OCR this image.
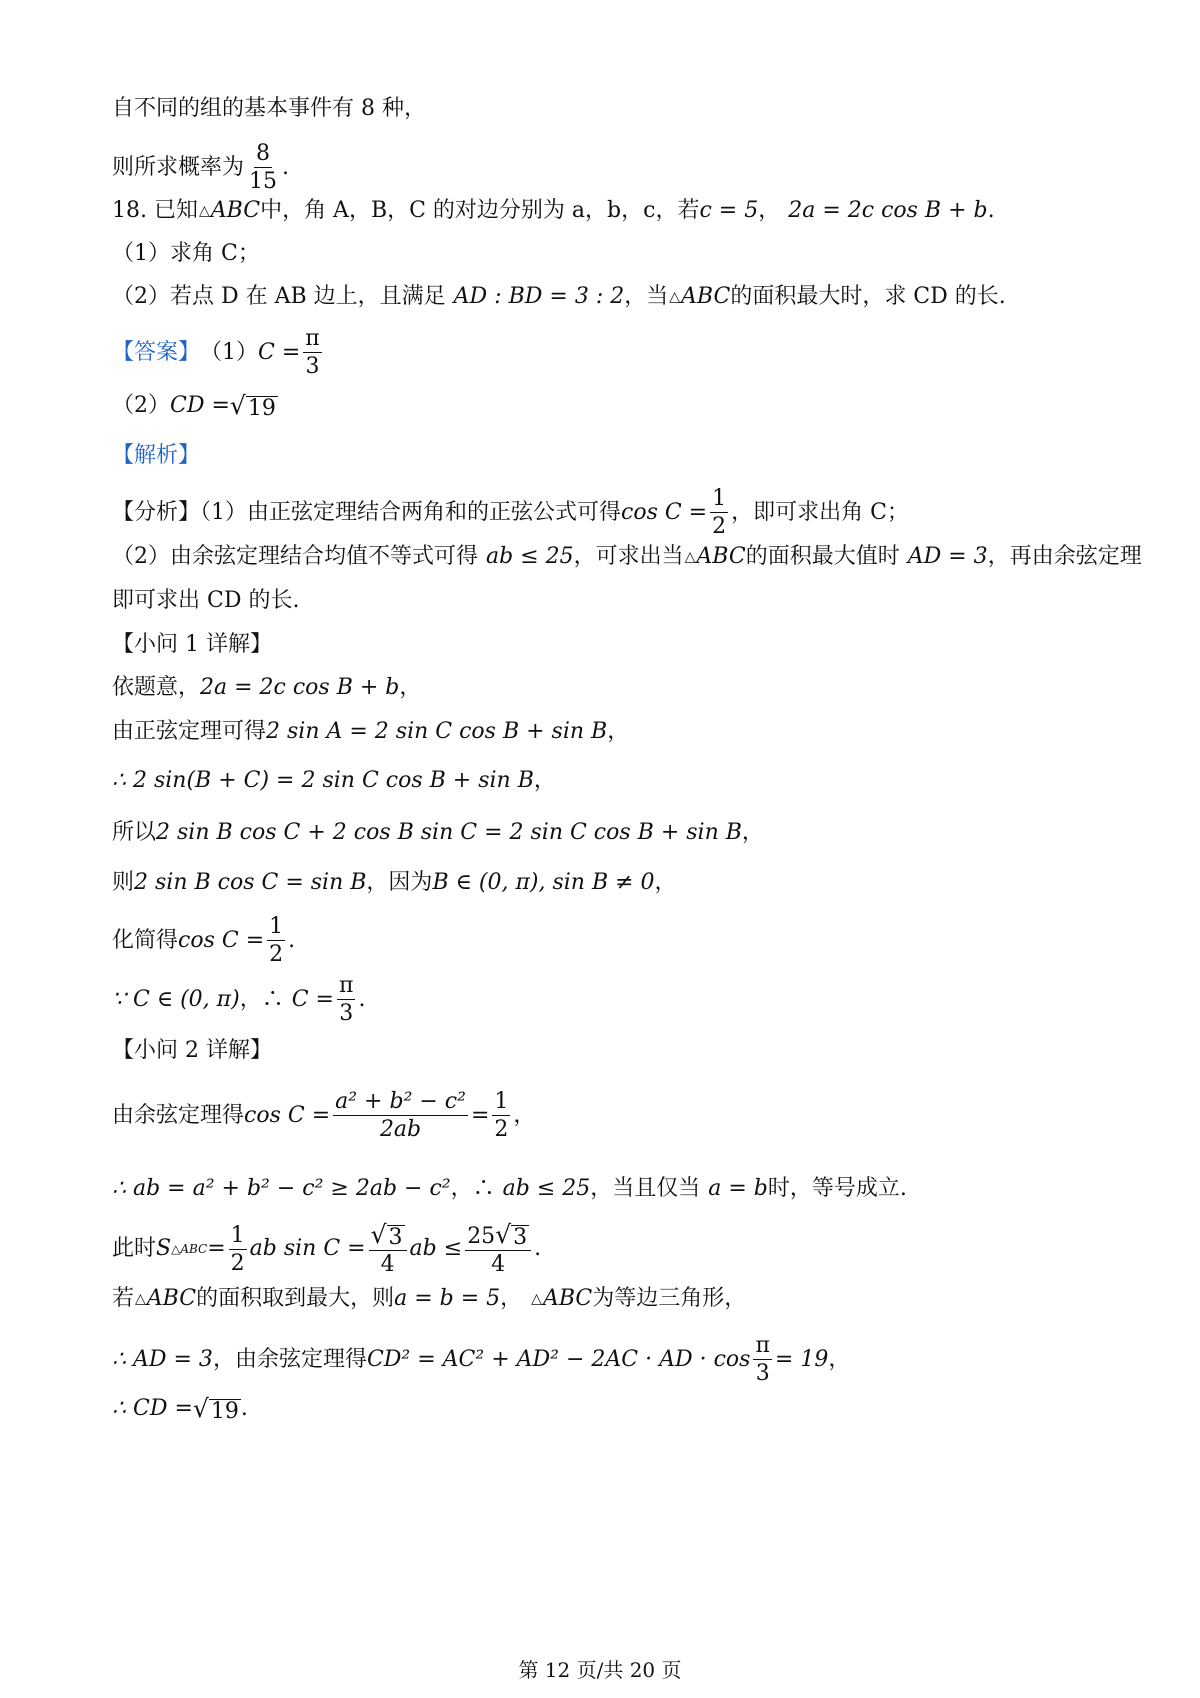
自不同的组的基本事件有 8 种，
则所求概率为 $\frac{8}{15}$ .
18. 已知 △ ABC 中，角 A，B，C 的对边分别为 a，b，c，若 c = 5 ， 2a = 2c cos B + b .
（1）求角 C；
（2）若点 D 在 AB 边上，且满足 AD : BD = 3 : 2 ，当 △ ABC 的面积最大时，求 CD 的长.
【答案】 （1） $C = \frac{\pi}{3}$
（2） CD = √ 19
【解析】
【分析】（1）由正弦定理结合两角和的正弦公式可得 $\cos C = \frac{1}{2}$ ，即可求出角 C；
（2）由余弦定理结合均值不等式可得 ab ≤ 25 ，可求出当 △ ABC 的面积最大值时 AD = 3 ，再由余弦定理
即可求出 CD 的长.
【小问 1 详解】
依题意， 2a = 2c cos B + b ，
由正弦定理可得 2 sin A = 2 sin C cos B + sin B ，
∴ 2 sin(B + C) = 2 sin C cos B + sin B ，
所以 2 sin B cos C + 2 cos B sin C = 2 sin C cos B + sin B ，
则 2 sin B cos C = sin B ，因为 B ∈ (0, π), sin B ≠ 0 ，
化简得 $\cos C = \frac{1}{2}$ .
∵ C ∈ (0, π) ，∴ $C = \frac{\pi}{3}$ .
【小问 2 详解】
由余弦定理得 $\cos C = \frac{\text{a² + b² − c²}}{2ab} = \frac{1}{2}$ ，
∴ ab = a² + b² − c² ≥ 2ab − c² ，∴ ab ≤ 25 ，当且仅当 a = b 时，等号成立.
此时 S △ABC = $\frac{1}{2}$ ab $\sin C = \frac{√ 3}{4}$ ab ≤ $\frac{25 √ 3}{4}$ .
若 △ ABC 的面积取到最大，则 a = b = 5 ， △ ABC 为等边三角形，
∴ AD = 3 ，由余弦定理得 CD² = AC² + AD² − 2AC · AD · $\cos \frac{\pi}{3} = 19$ ，
∴ CD = √ 19 .
第 12 页/共 20 页
